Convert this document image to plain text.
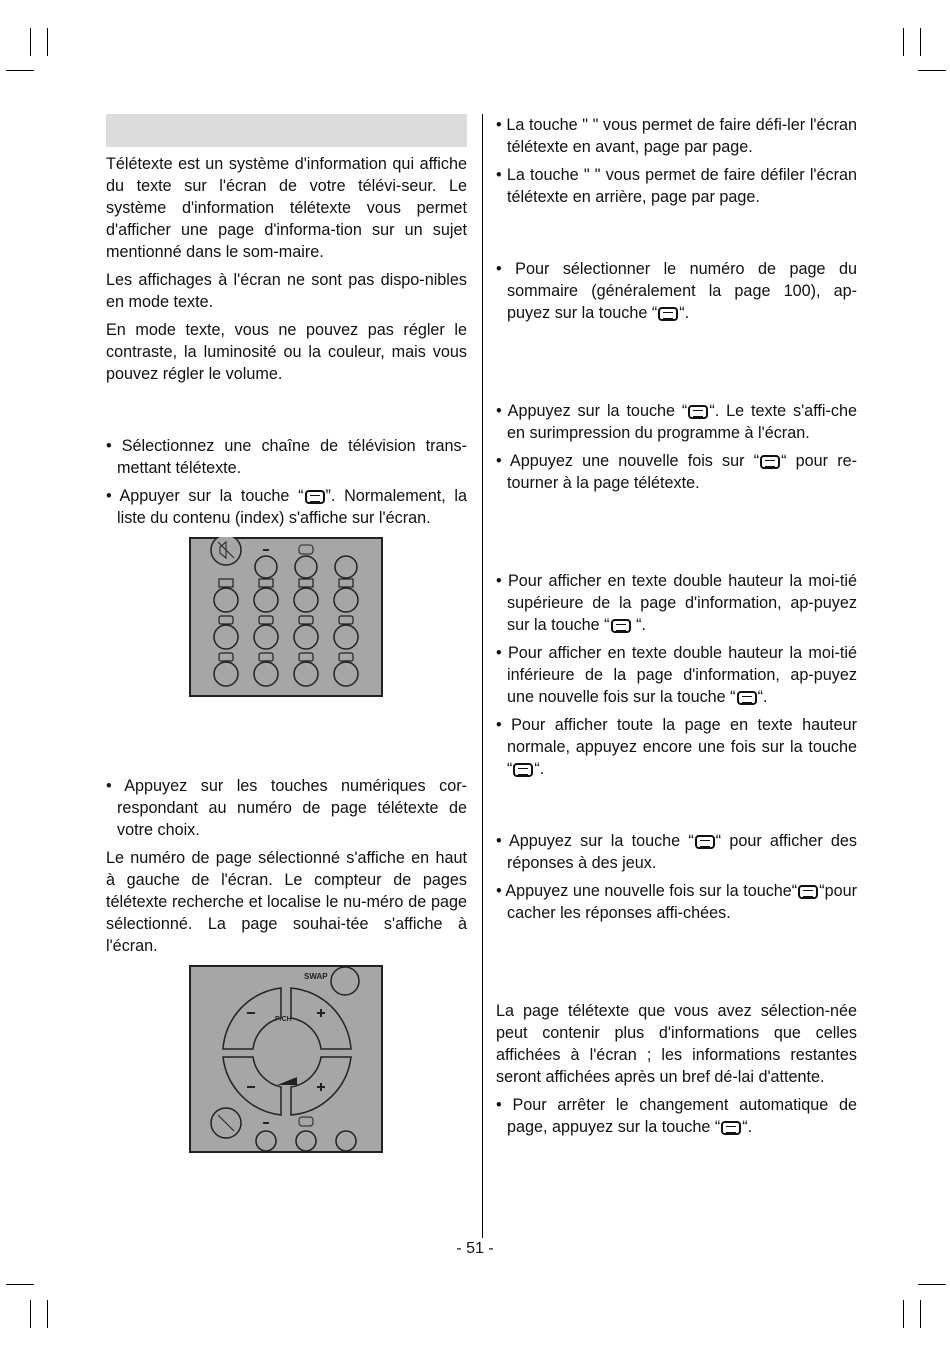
Télétexte est un système d'information qui affiche du texte sur l'écran de votre télévi-seur. Le système d'information télétexte vous permet d'afficher une page d'informa-tion sur un sujet mentionné dans le som-maire.

Les affichages à l'écran ne sont pas dispo-nibles en mode texte.

En mode texte, vous ne pouvez pas régler le contraste, la luminosité ou la couleur, mais vous pouvez régler le volume.

• Sélectionnez une chaîne de télévision trans-mettant télétexte.

• Appuyer sur la touche “ ”. Normalement, la liste du contenu (index) s'affiche sur l'écran.

• Appuyez sur les touches numériques cor-respondant au numéro de page télétexte de votre choix.

Le numéro de page sélectionné s'affiche en haut à gauche de l'écran. Le compteur de pages télétexte recherche et localise le nu-méro de page sélectionné. La page souhai-tée s'affiche à l'écran.

SWAP
P/CH

• La touche " " vous permet de faire défi-ler l'écran télétexte en avant, page par page.

• La touche " " vous permet de faire défiler l'écran télétexte en arrière, page par page.

• Pour sélectionner le numéro de page du sommaire (généralement la page 100), ap-puyez sur la touche “ “.

• Appuyez sur la touche “ “. Le texte s'affi-che en surimpression du programme à l'écran.

• Appuyez une nouvelle fois sur “ “ pour re-tourner à la page télétexte.

• Pour afficher en texte double hauteur la moi-tié supérieure de la page d'information, ap-puyez sur la touche “ “.

• Pour afficher en texte double hauteur la moi-tié inférieure de la page d'information, ap-puyez une nouvelle fois sur la touche “ “.

• Pour afficher toute la page en texte hauteur normale, appuyez encore une fois sur la touche “ “.

• Appuyez sur la touche “ “ pour afficher des réponses à des jeux.

• Appuyez une nouvelle fois sur la touche“ “pour cacher les réponses affi-chées.

La page télétexte que vous avez sélection-née peut contenir plus d'informations que celles affichées à l'écran ; les informations restantes seront affichées après un bref dé-lai d'attente.

• Pour arrêter le changement automatique de page, appuyez sur la touche “ “.

- 51 -
